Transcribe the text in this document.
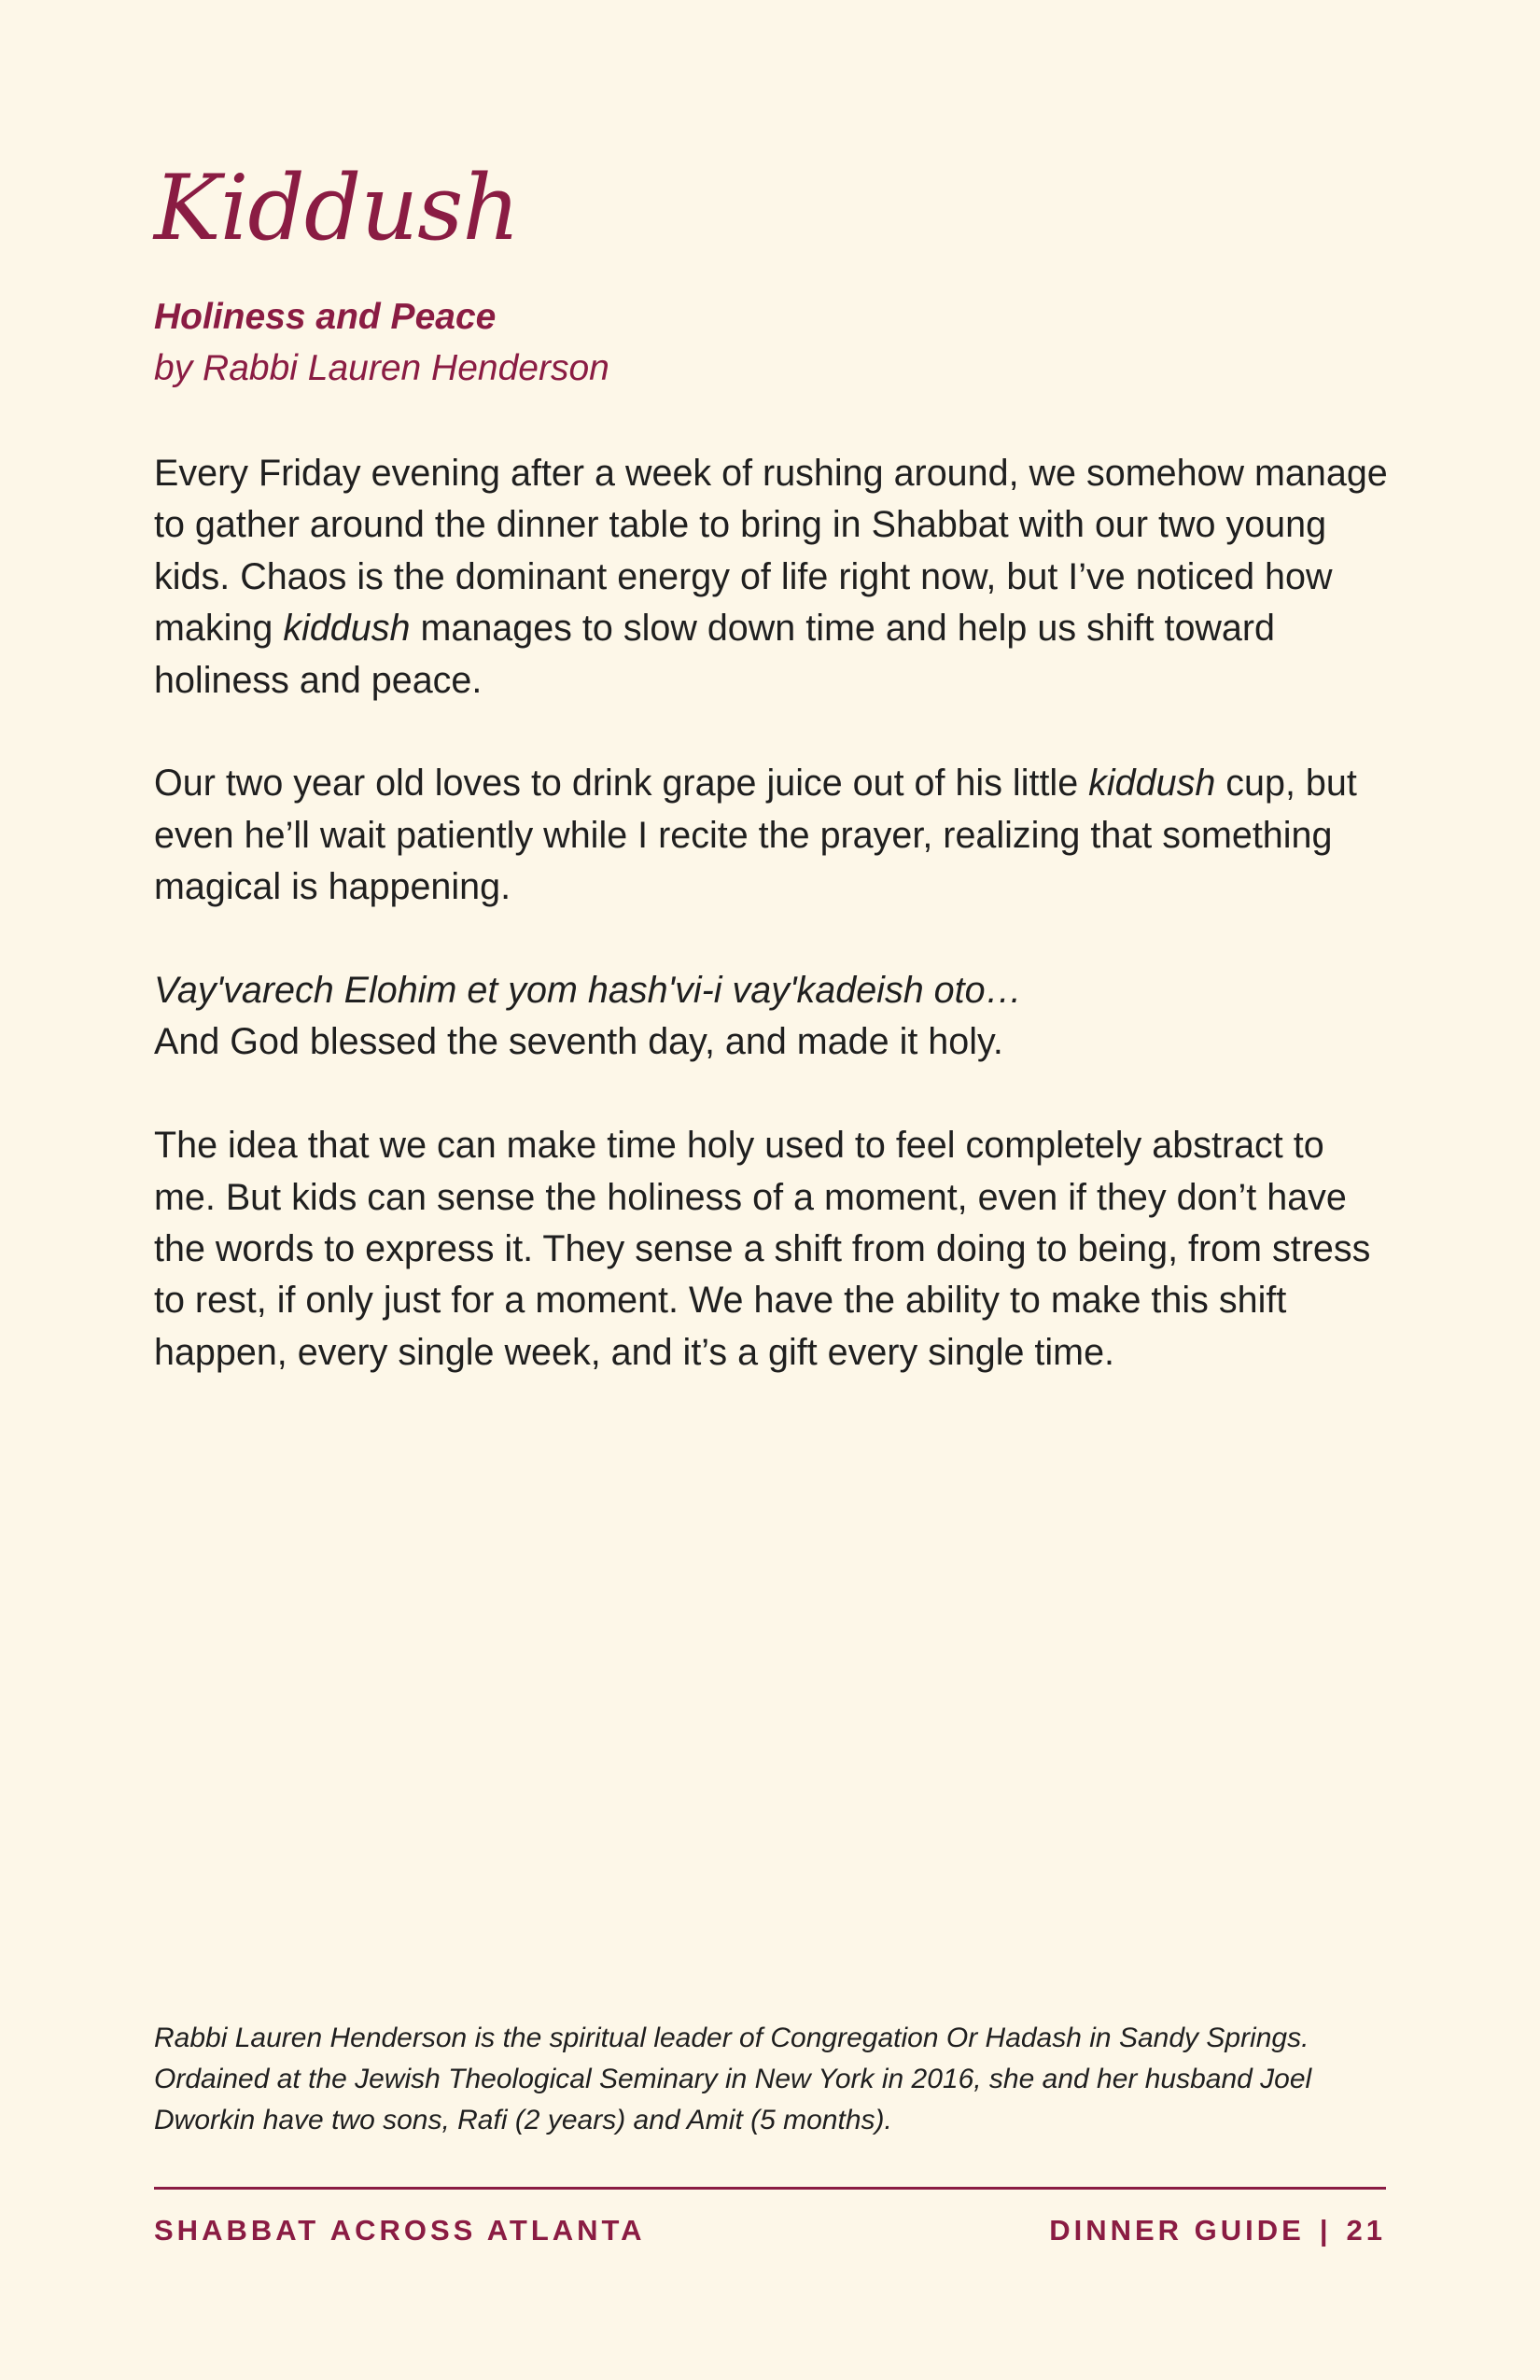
Kiddush

Holiness and Peace

by Rabbi Lauren Henderson

Every Friday evening after a week of rushing around, we somehow manage to gather around the dinner table to bring in Shabbat with our two young kids. Chaos is the dominant energy of life right now, but I’ve noticed how making kiddush manages to slow down time and help us shift toward holiness and peace.

Our two year old loves to drink grape juice out of his little kiddush cup, but even he’ll wait patiently while I recite the prayer, realizing that something magical is happening.

Vay'varech Elohim et yom hash'vi-i vay'kadeish oto…
And God blessed the seventh day, and made it holy.

The idea that we can make time holy used to feel completely abstract to me. But kids can sense the holiness of a moment, even if they don’t have the words to express it. They sense a shift from doing to being, from stress to rest, if only just for a moment. We have the ability to make this shift happen, every single week, and it’s a gift every single time.

Rabbi Lauren Henderson is the spiritual leader of Congregation Or Hadash in Sandy Springs. Ordained at the Jewish Theological Seminary in New York in 2016, she and her husband Joel Dworkin have two sons, Rafi (2 years) and Amit (5 months).

SHABBAT ACROSS ATLANTA	DINNER GUIDE | 21
